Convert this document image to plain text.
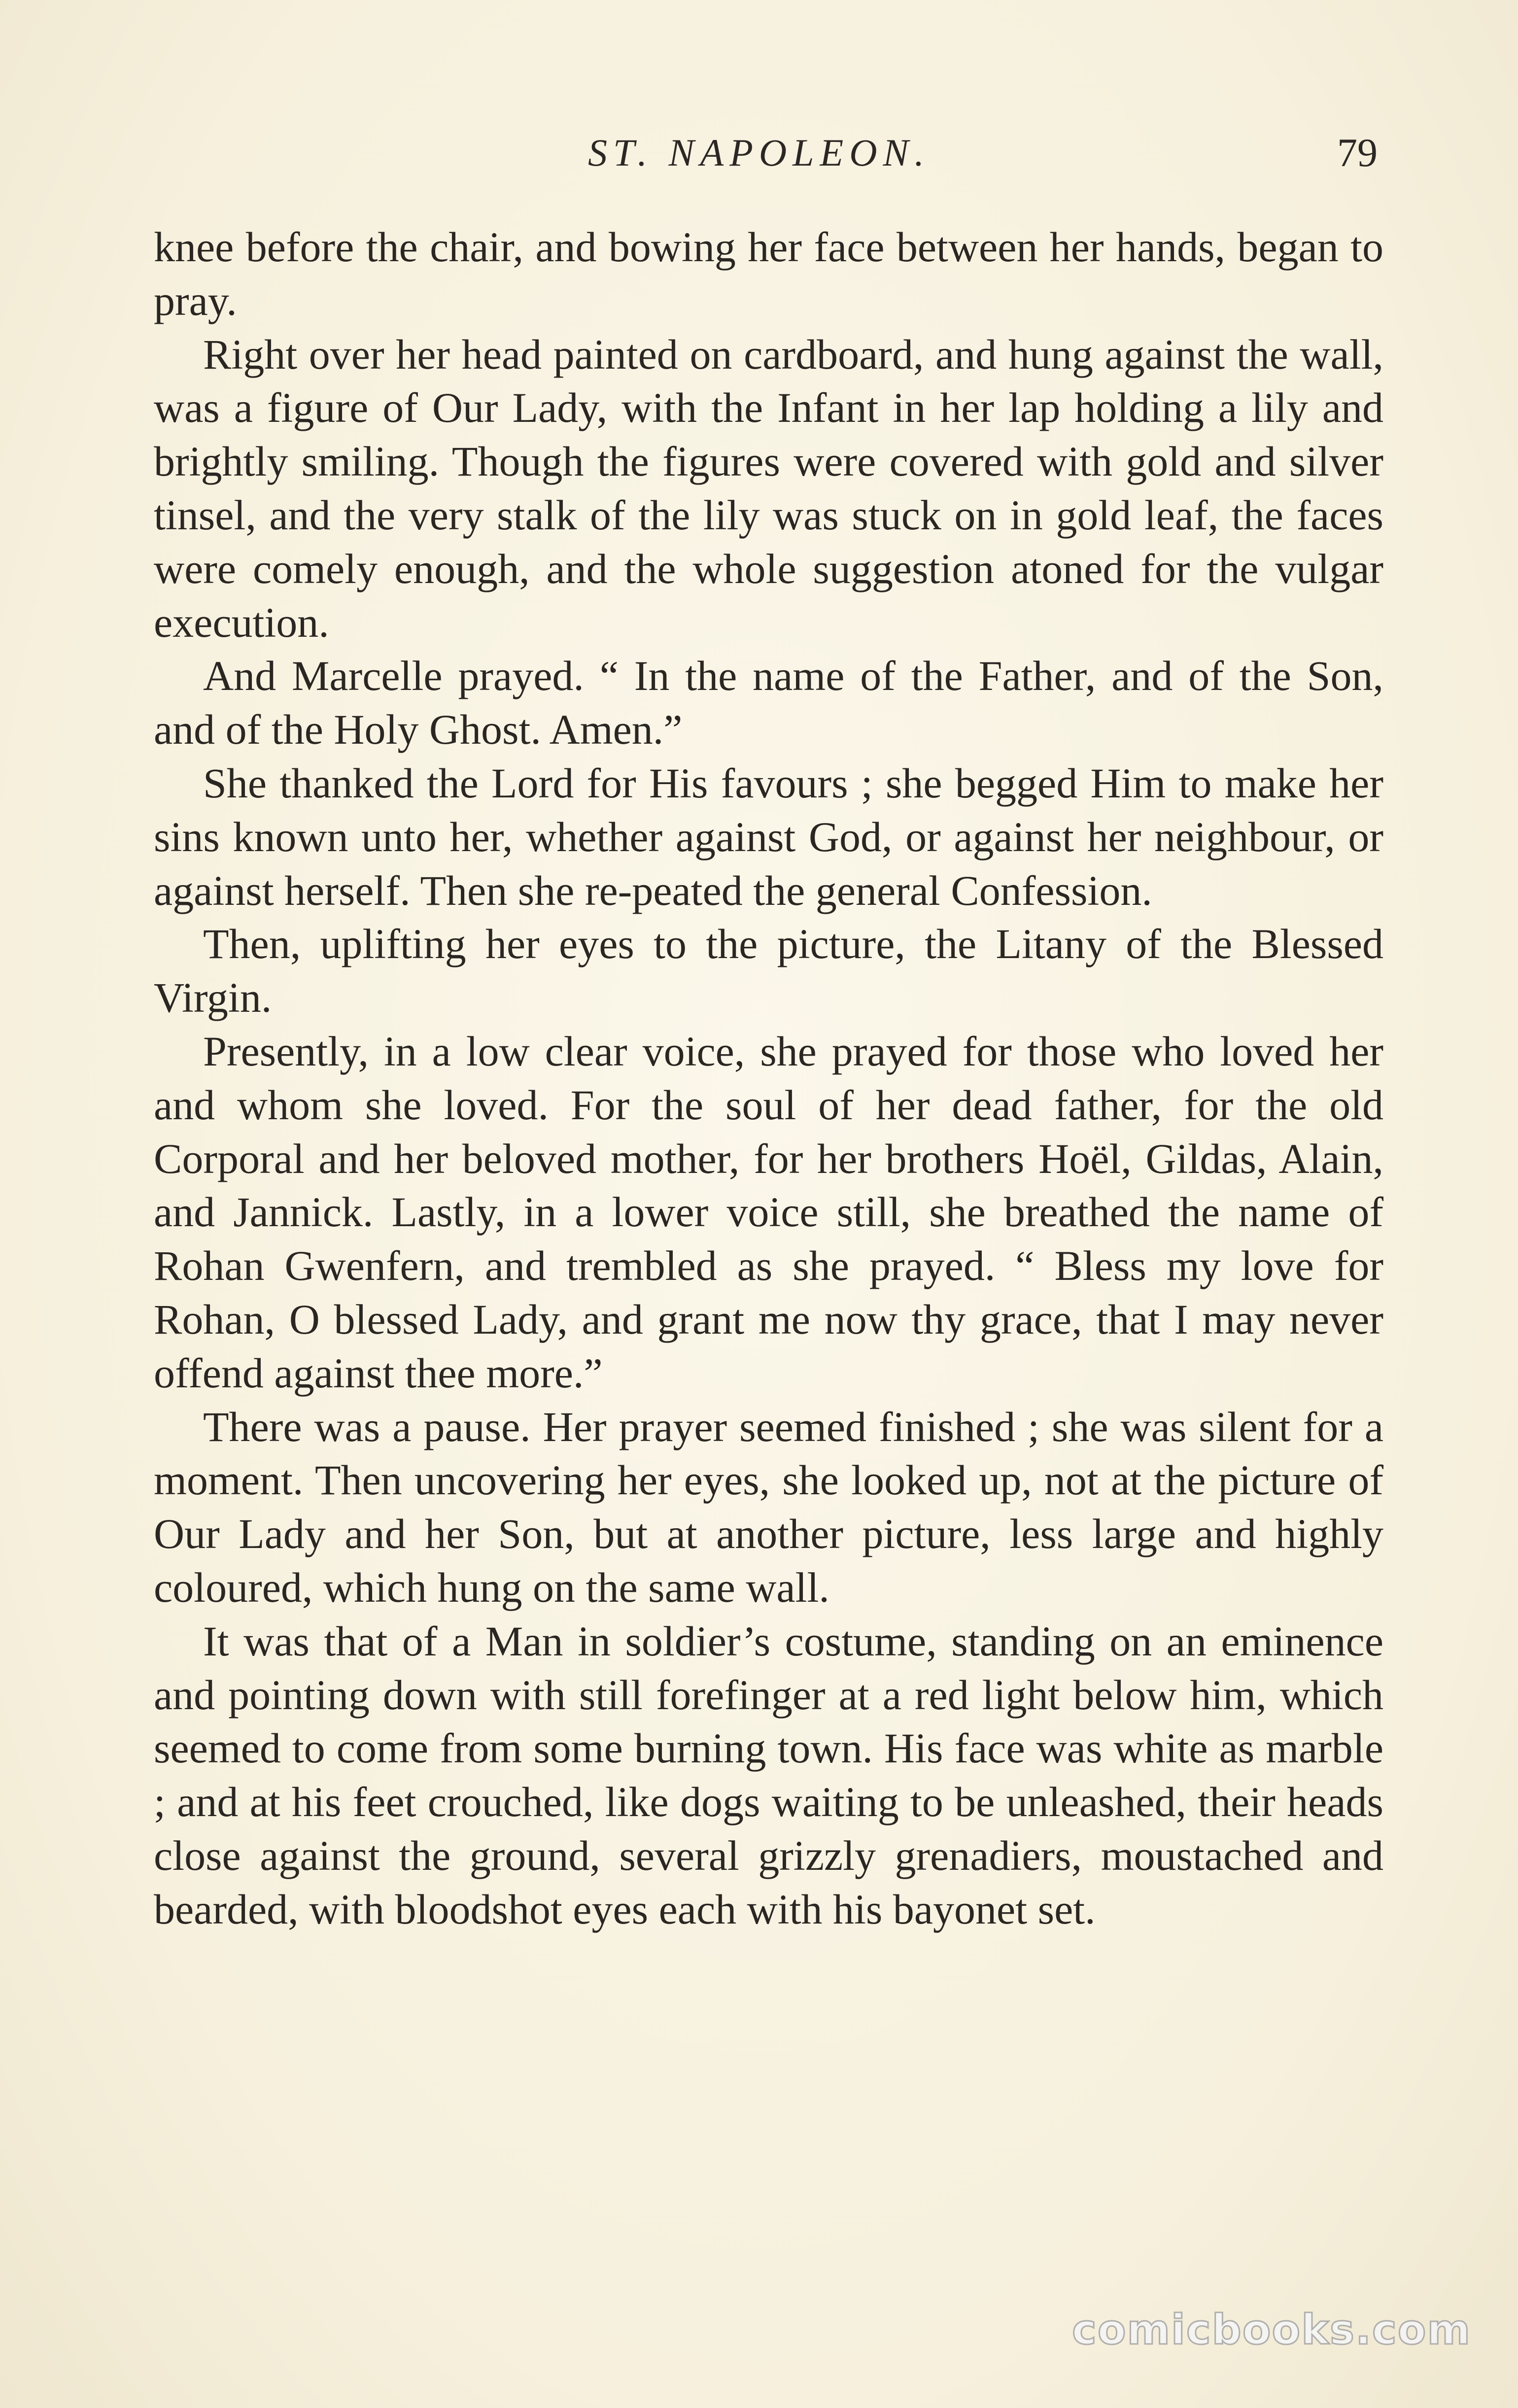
ST. NAPOLEON.	79

knee before the chair, and bowing her face between her hands, began to pray.

Right over her head painted on cardboard, and hung against the wall, was a figure of Our Lady, with the Infant in her lap holding a lily and brightly smiling. Though the figures were covered with gold and silver tinsel, and the very stalk of the lily was stuck on in gold leaf, the faces were comely enough, and the whole suggestion atoned for the vulgar execution.

And Marcelle prayed. “ In the name of the Father, and of the Son, and of the Holy Ghost. Amen.”

She thanked the Lord for His favours ; she begged Him to make her sins known unto her, whether against God, or against her neighbour, or against herself. Then she re-peated the general Confession.

Then, uplifting her eyes to the picture, the Litany of the Blessed Virgin.

Presently, in a low clear voice, she prayed for those who loved her and whom she loved. For the soul of her dead father, for the old Corporal and her beloved mother, for her brothers Hoël, Gildas, Alain, and Jannick. Lastly, in a lower voice still, she breathed the name of Rohan Gwenfern, and trembled as she prayed. “ Bless my love for Rohan, O blessed Lady, and grant me now thy grace, that I may never offend against thee more.”

There was a pause. Her prayer seemed finished ; she was silent for a moment. Then uncovering her eyes, she looked up, not at the picture of Our Lady and her Son, but at another picture, less large and highly coloured, which hung on the same wall.

It was that of a Man in soldier’s costume, standing on an eminence and pointing down with still forefinger at a red light below him, which seemed to come from some burning town. His face was white as marble ; and at his feet crouched, like dogs waiting to be unleashed, their heads close against the ground, several grizzly grenadiers, moustached and bearded, with bloodshot eyes each with his bayonet set.

comicbooks.com
